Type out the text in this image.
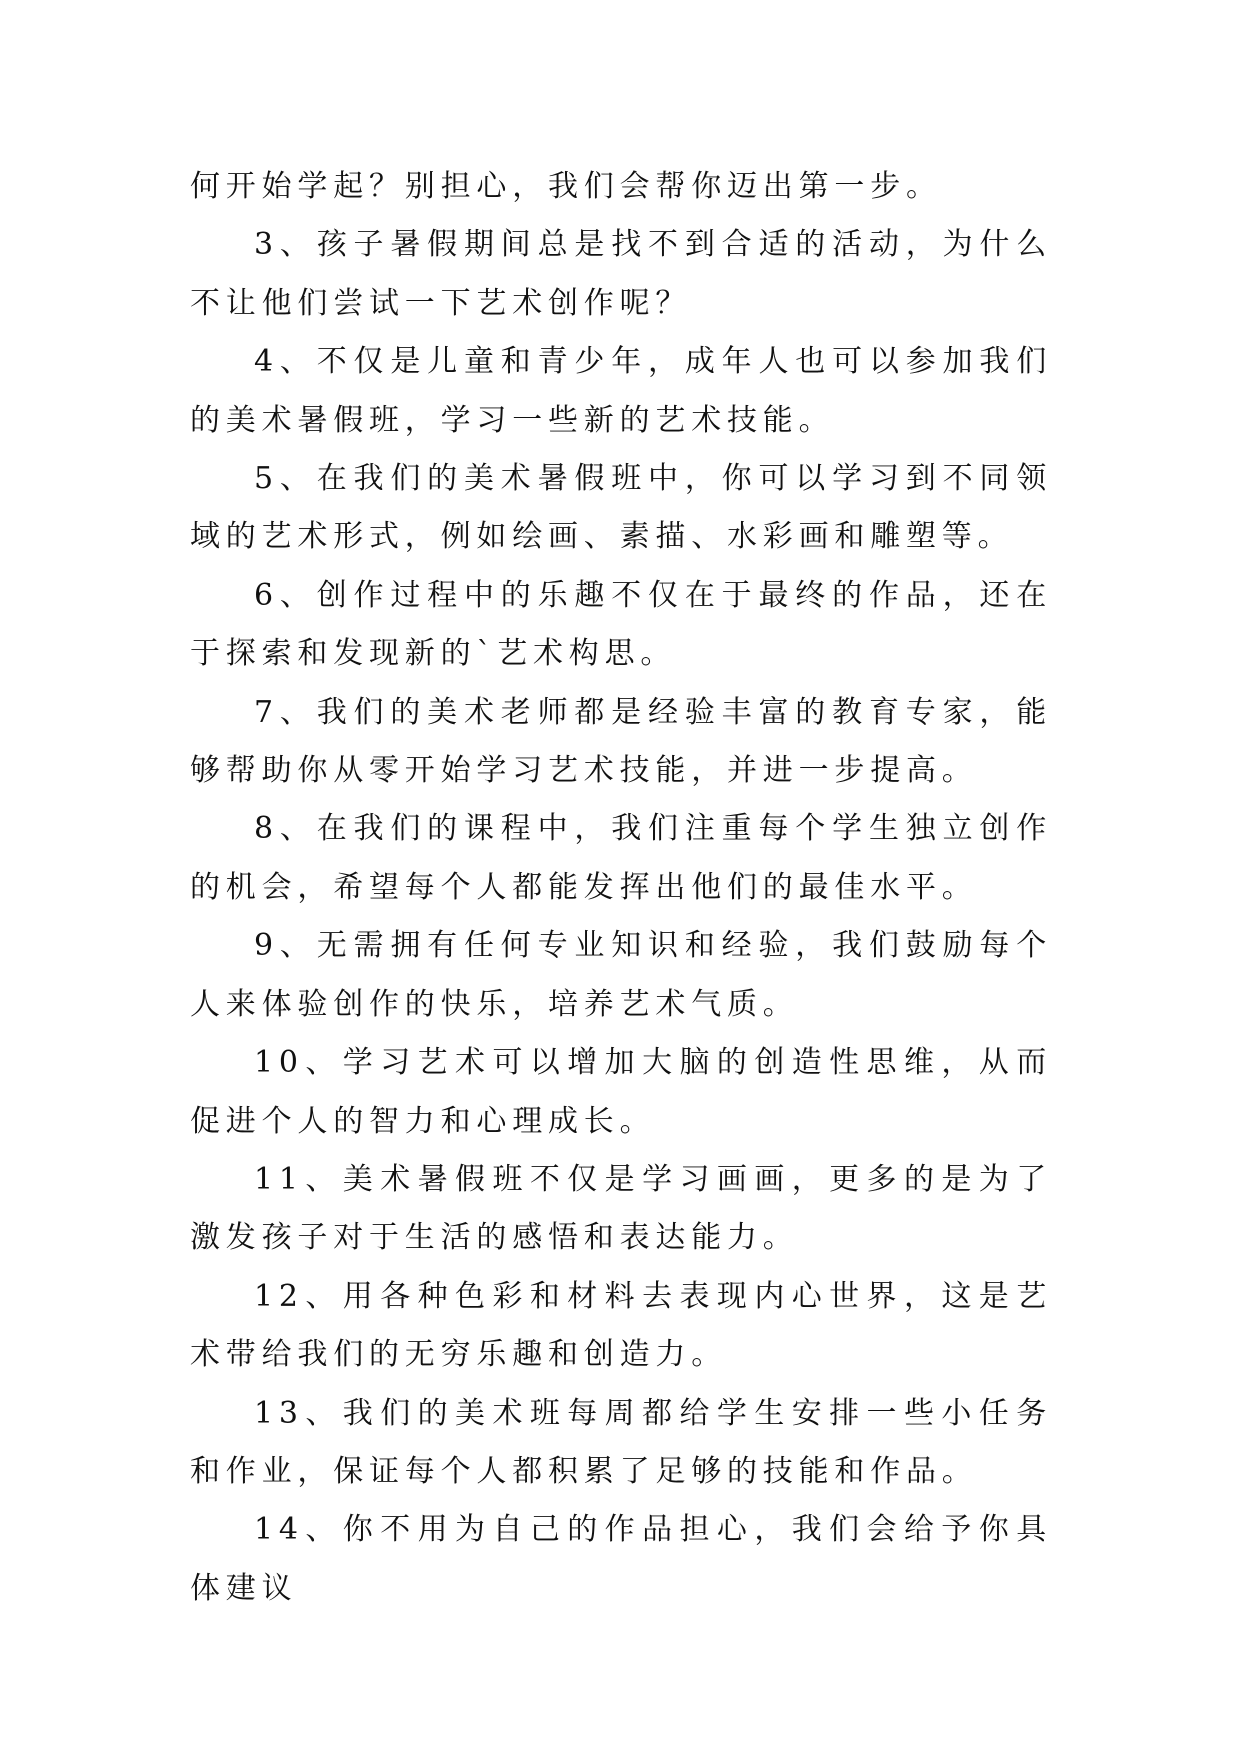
何开始学起？别担心，我们会帮你迈出第一步。

3、孩子暑假期间总是找不到合适的活动，为什么不让他们尝试一下艺术创作呢？

4、不仅是儿童和青少年，成年人也可以参加我们的美术暑假班，学习一些新的艺术技能。

5、在我们的美术暑假班中，你可以学习到不同领域的艺术形式，例如绘画、素描、水彩画和雕塑等。

6、创作过程中的乐趣不仅在于最终的作品，还在于探索和发现新的`艺术构思。

7、我们的美术老师都是经验丰富的教育专家，能够帮助你从零开始学习艺术技能，并进一步提高。

8、在我们的课程中，我们注重每个学生独立创作的机会，希望每个人都能发挥出他们的最佳水平。

9、无需拥有任何专业知识和经验，我们鼓励每个人来体验创作的快乐，培养艺术气质。

10、学习艺术可以增加大脑的创造性思维，从而促进个人的智力和心理成长。

11、美术暑假班不仅是学习画画，更多的是为了激发孩子对于生活的感悟和表达能力。

12、用各种色彩和材料去表现内心世界，这是艺术带给我们的无穷乐趣和创造力。

13、我们的美术班每周都给学生安排一些小任务和作业，保证每个人都积累了足够的技能和作品。

14、你不用为自己的作品担心，我们会给予你具体建议
